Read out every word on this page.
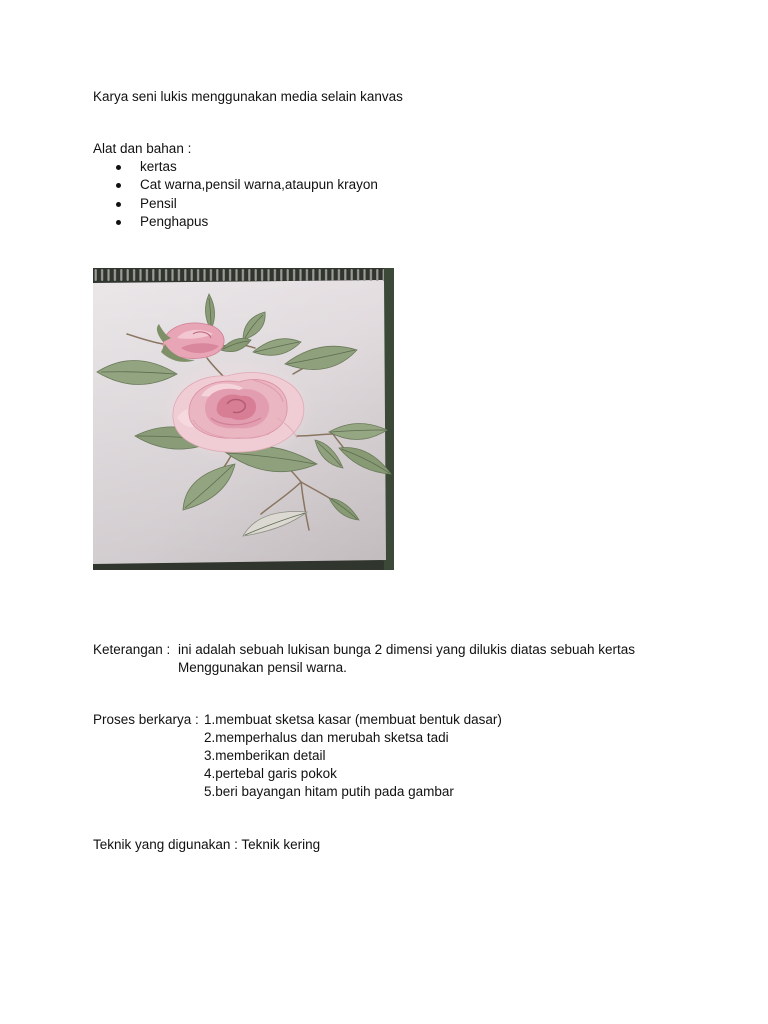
Karya seni lukis menggunakan media selain kanvas
Alat dan bahan :
kertas
Cat warna,pensil warna,ataupun krayon
Pensil
Penghapus
Keterangan : ini adalah sebuah lukisan bunga 2 dimensi yang dilukis diatas sebuah kertas
Menggunakan pensil warna.
Proses berkarya : 1.membuat sketsa kasar (membuat bentuk dasar)
2.memperhalus dan merubah sketsa tadi
3.memberikan detail
4.pertebal garis pokok
5.beri bayangan hitam putih pada gambar
Teknik yang digunakan : Teknik kering
